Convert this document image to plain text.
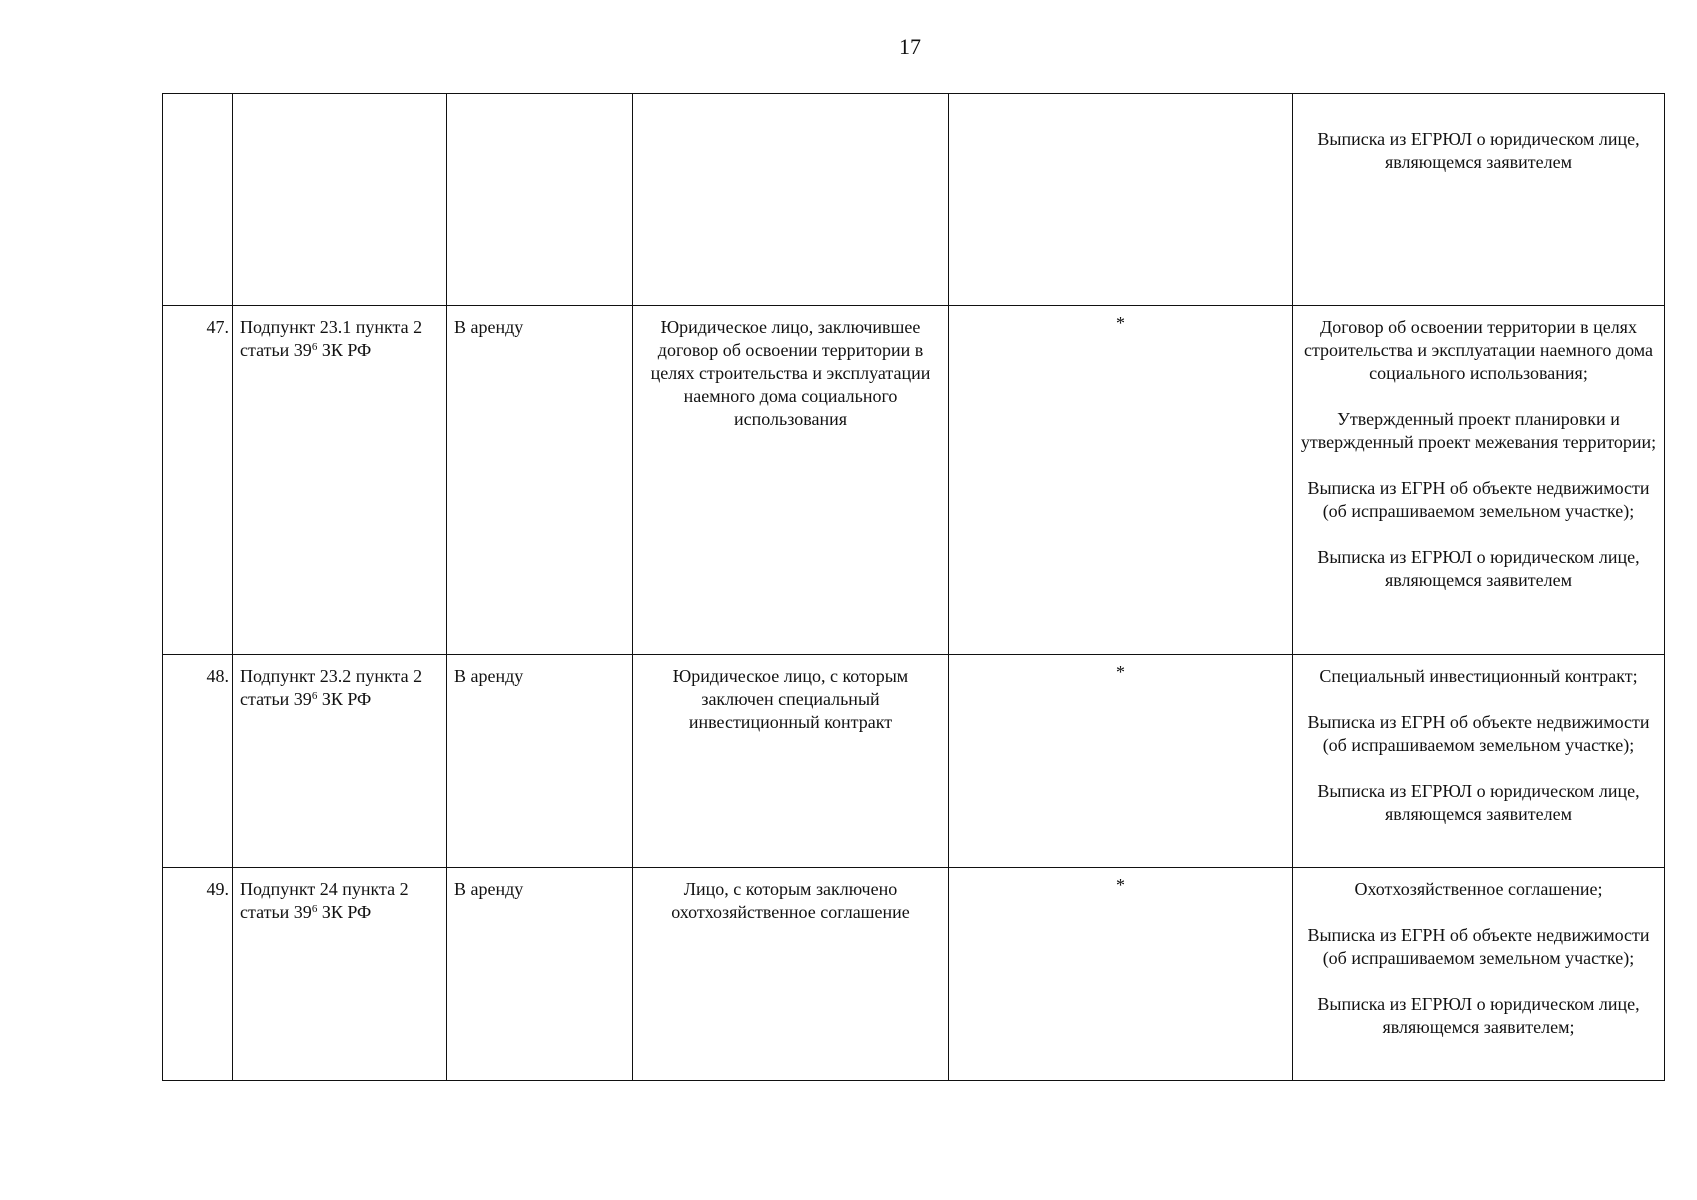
17

					Выписка из ЕГРЮЛ о юридическом лице, являющемся заявителем

47.	Подпункт 23.1 пункта 2 статьи $39^6$ ЗК РФ	В аренду	Юридическое лицо, заключившее договор об освоении территории в целях строительства и эксплуатации наемного дома социального использования	*	Договор об освоении территории в целях строительства и эксплуатации наемного дома социального использования;
Утвержденный проект планировки и утвержденный проект межевания территории;
Выписка из ЕГРН об объекте недвижимости (об испрашиваемом земельном участке);
Выписка из ЕГРЮЛ о юридическом лице, являющемся заявителем

48.	Подпункт 23.2 пункта 2 статьи $39^6$ ЗК РФ	В аренду	Юридическое лицо, с которым заключен специальный инвестиционный контракт	*	Специальный инвестиционный контракт;
Выписка из ЕГРН об объекте недвижимости (об испрашиваемом земельном участке);
Выписка из ЕГРЮЛ о юридическом лице, являющемся заявителем

49.	Подпункт 24 пункта 2 статьи $39^6$ ЗК РФ	В аренду	Лицо, с которым заключено охотхозяйственное соглашение	*	Охотхозяйственное соглашение;
Выписка из ЕГРН об объекте недвижимости (об испрашиваемом земельном участке);
Выписка из ЕГРЮЛ о юридическом лице, являющемся заявителем;
